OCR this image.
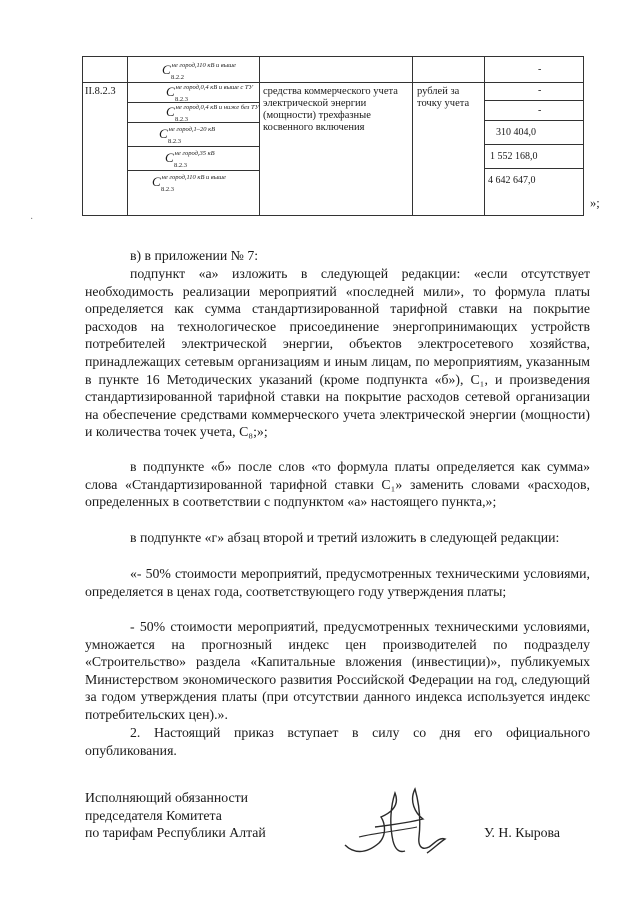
II.8.2.3	средства коммерческого учета электрической энергии (мощности) трехфазные косвенного включения
рублей за точку учета
$C^{не город,110 кВ и выше}$
8.2.2
$C^{не город,0,4 кВ и выше с ТУ}$
8.2.3
$C^{не город,0,4 кВ и ниже без ТУ}$
8.2.3
$C^{не город,1-20 кВ}$
8.2.3
$C^{не город,35 кВ}$
8.2.3
$C^{не город,110 кВ и выше}$
8.2.3
-
-
-
310 404,0
1 552 168,0
4 642 647,0
»;
·

в) в приложении № 7:

подпункт «а» изложить в следующей редакции: «если отсутствует необходимость реализации мероприятий «последней мили», то формула платы определяется как сумма стандартизированной тарифной ставки на покрытие расходов на технологическое присоединение энергопринимающих устройств потребителей электрической энергии, объектов электросетевого хозяйства, принадлежащих сетевым организациям и иным лицам, по мероприятиям, указанным в пункте 16 Методических указаний (кроме подпункта «б»), C₁, и произведения стандартизированной тарифной ставки на покрытие расходов сетевой организации на обеспечение средствами коммерческого учета электрической энергии (мощности) и количества точек учета, C₈;»;

в подпункте «б» после слов «то формула платы определяется как сумма» слова «Стандартизированной тарифной ставки C₁» заменить словами «расходов, определенных в соответствии с подпунктом «а» настоящего пункта,»;

в подпункте «г» абзац второй и третий изложить в следующей редакции:

«- 50% стоимости мероприятий, предусмотренных техническими условиями, определяется в ценах года, соответствующего году утверждения платы;

- 50% стоимости мероприятий, предусмотренных техническими условиями, умножается на прогнозный индекс цен производителей по подразделу «Строительство» раздела «Капитальные вложения (инвестиции)», публикуемых Министерством экономического развития Российской Федерации на год, следующий за годом утверждения платы (при отсутствии данного индекса используется индекс потребительских цен).».

2. Настоящий приказ вступает в силу со дня его официального опубликования.

Исполняющий обязанности
председателя Комитета
по тарифам Республики Алтай	У. Н. Кырова
